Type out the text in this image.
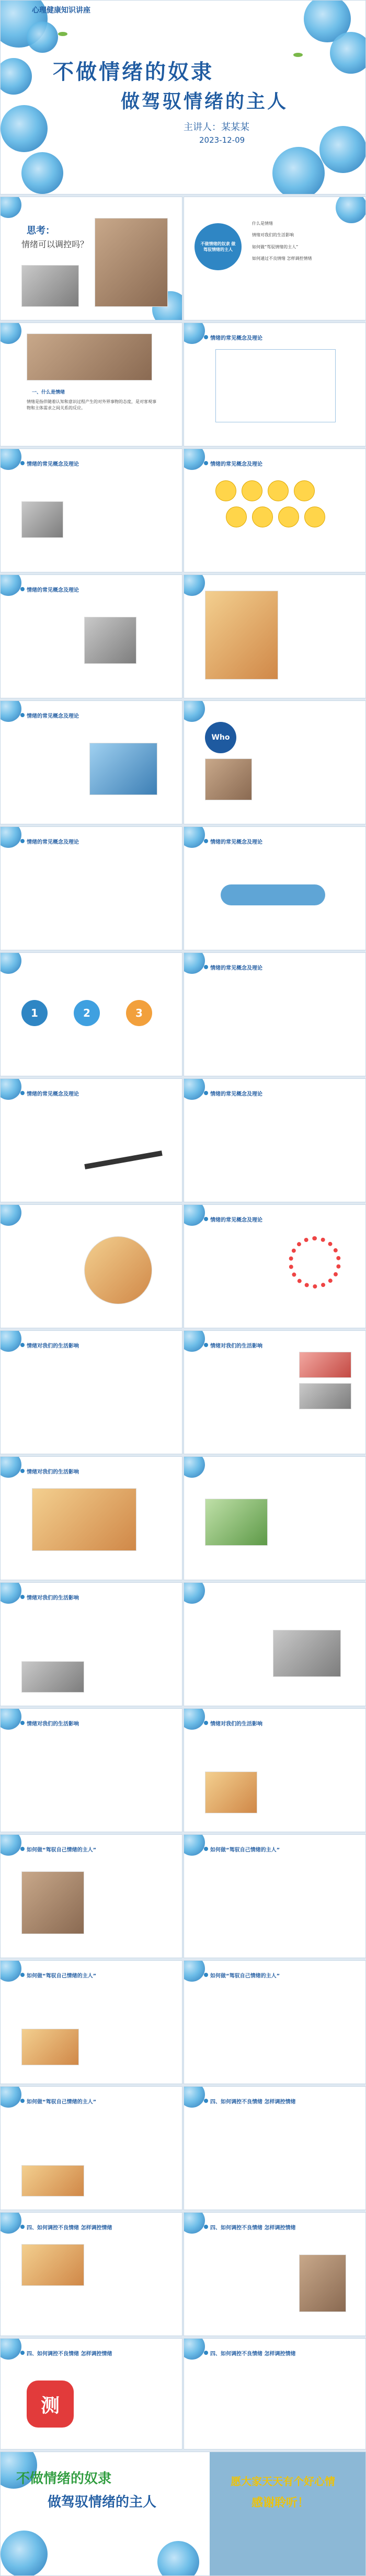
心理健康知识讲座
不做情绪的奴隶
做驾驭情绪的主人
主讲人：某某某
2023-12-09
思考：
情绪可以调控吗？	不做情绪的奴隶 做驾驭情绪的主人
什么是情绪
情绪对我们的生活影响
如何做“驾驭情绪的主人”
如何通过不良情绪 怎样调控情绪
一、什么是情绪
情绪是指伴随着认知和意识过程产生的对外界事物的态度，是对客观事物和主体需求之间关系的反应。
情绪的常见概念及理论
情绪的常见概念及理论	情绪的常见概念及理论
情绪的常见概念及理论
情绪的常见概念及理论
Who
情绪的常见概念及理论	情绪的常见概念及理论
1	2	3
情绪的常见概念及理论
情绪的常见概念及理论	情绪的常见概念及理论
情绪的常见概念及理论
情绪对我们的生活影响	情绪对我们的生活影响
情绪对我们的生活影响
情绪对我们的生活影响
情绪对我们的生活影响	情绪对我们的生活影响
如何做“驾驭自己情绪的主人”	如何做“驾驭自己情绪的主人”
如何做“驾驭自己情绪的主人”	如何做“驾驭自己情绪的主人”
如何做“驾驭自己情绪的主人”	四、如何调控不良情绪 怎样调控情绪
四、如何调控不良情绪 怎样调控情绪	四、如何调控不良情绪 怎样调控情绪
四、如何调控不良情绪 怎样调控情绪
测
四、如何调控不良情绪 怎样调控情绪
不做情绪的奴隶
做驾驭情绪的主人
愿大家天天有个好心情
感谢聆听！
